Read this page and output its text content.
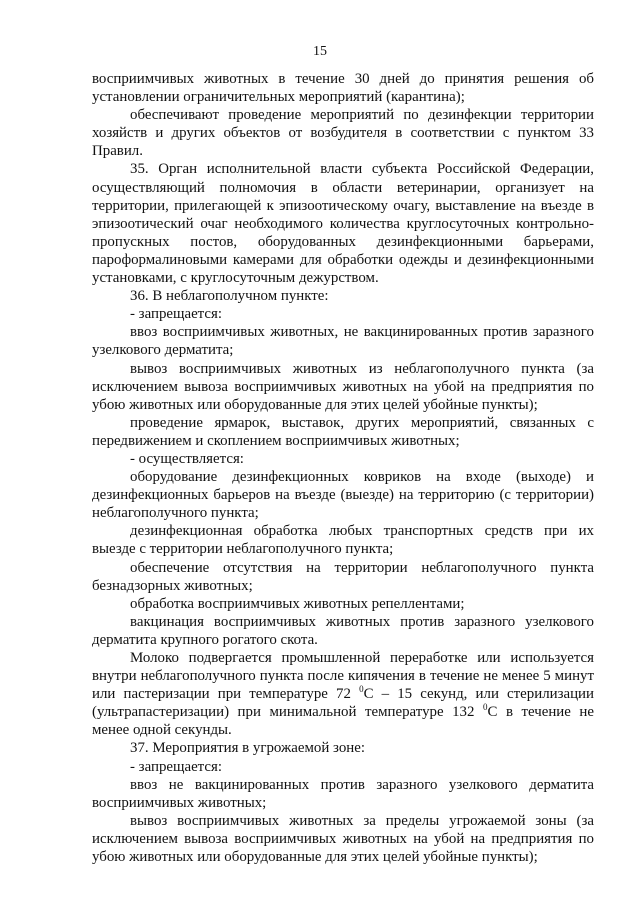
15

восприимчивых животных в течение 30 дней до принятия решения об установлении ограничительных мероприятий (карантина);

обеспечивают проведение мероприятий по дезинфекции территории хозяйств и других объектов от возбудителя в соответствии с пунктом 33 Правил.

35. Орган исполнительной власти субъекта Российской Федерации, осуществляющий полномочия в области ветеринарии, организует на территории, прилегающей к эпизоотическому очагу, выставление на въезде в эпизоотический очаг необходимого количества круглосуточных контрольно-пропускных постов, оборудованных дезинфекционными барьерами, пароформалиновыми камерами для обработки одежды и дезинфекционными установками, с круглосуточным дежурством.

36. В неблагополучном пункте:

- запрещается:

ввоз восприимчивых животных, не вакцинированных против заразного узелкового дерматита;

вывоз восприимчивых животных из неблагополучного пункта (за исключением вывоза восприимчивых животных на убой на предприятия по убою животных или оборудованные для этих целей убойные пункты);

проведение ярмарок, выставок, других мероприятий, связанных с передвижением и скоплением восприимчивых животных;

- осуществляется:

оборудование дезинфекционных ковриков на входе (выходе) и дезинфекционных барьеров на въезде (выезде) на территорию (с территории) неблагополучного пункта;

дезинфекционная обработка любых транспортных средств при их выезде с территории неблагополучного пункта;

обеспечение отсутствия на территории неблагополучного пункта безнадзорных животных;

обработка восприимчивых животных репеллентами;

вакцинация восприимчивых животных против заразного узелкового дерматита крупного рогатого скота.

Молоко подвергается промышленной переработке или используется внутри неблагополучного пункта после кипячения в течение не менее 5 минут или пастеризации при температуре 72 $^0$С – 15 секунд, или стерилизации (ультрапастеризации) при минимальной температуре 132 $^0$С в течение не менее одной секунды.

37. Мероприятия в угрожаемой зоне:

- запрещается:

ввоз не вакцинированных против заразного узелкового дерматита восприимчивых животных;

вывоз восприимчивых животных за пределы угрожаемой зоны (за исключением вывоза восприимчивых животных на убой на предприятия по убою животных или оборудованные для этих целей убойные пункты);
